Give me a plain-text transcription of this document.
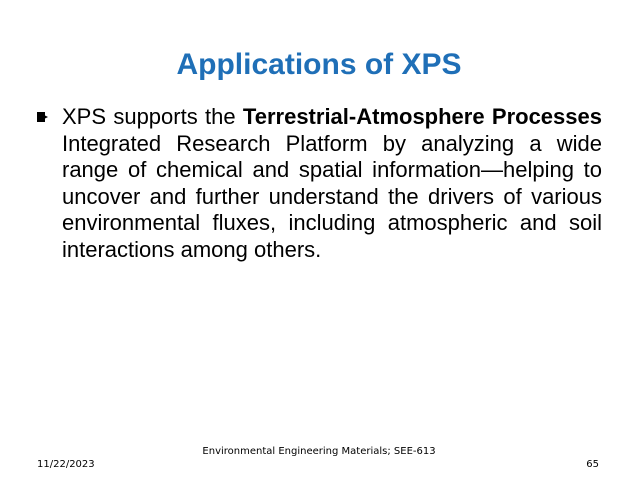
Applications of XPS

XPS supports the Terrestrial-Atmosphere Processes Integrated Research Platform by analyzing a wide range of chemical and spatial information—helping to uncover and further understand the drivers of various environmental fluxes, including atmospheric and soil interactions among others.

11/22/2023
Environmental Engineering Materials; SEE-613
65
